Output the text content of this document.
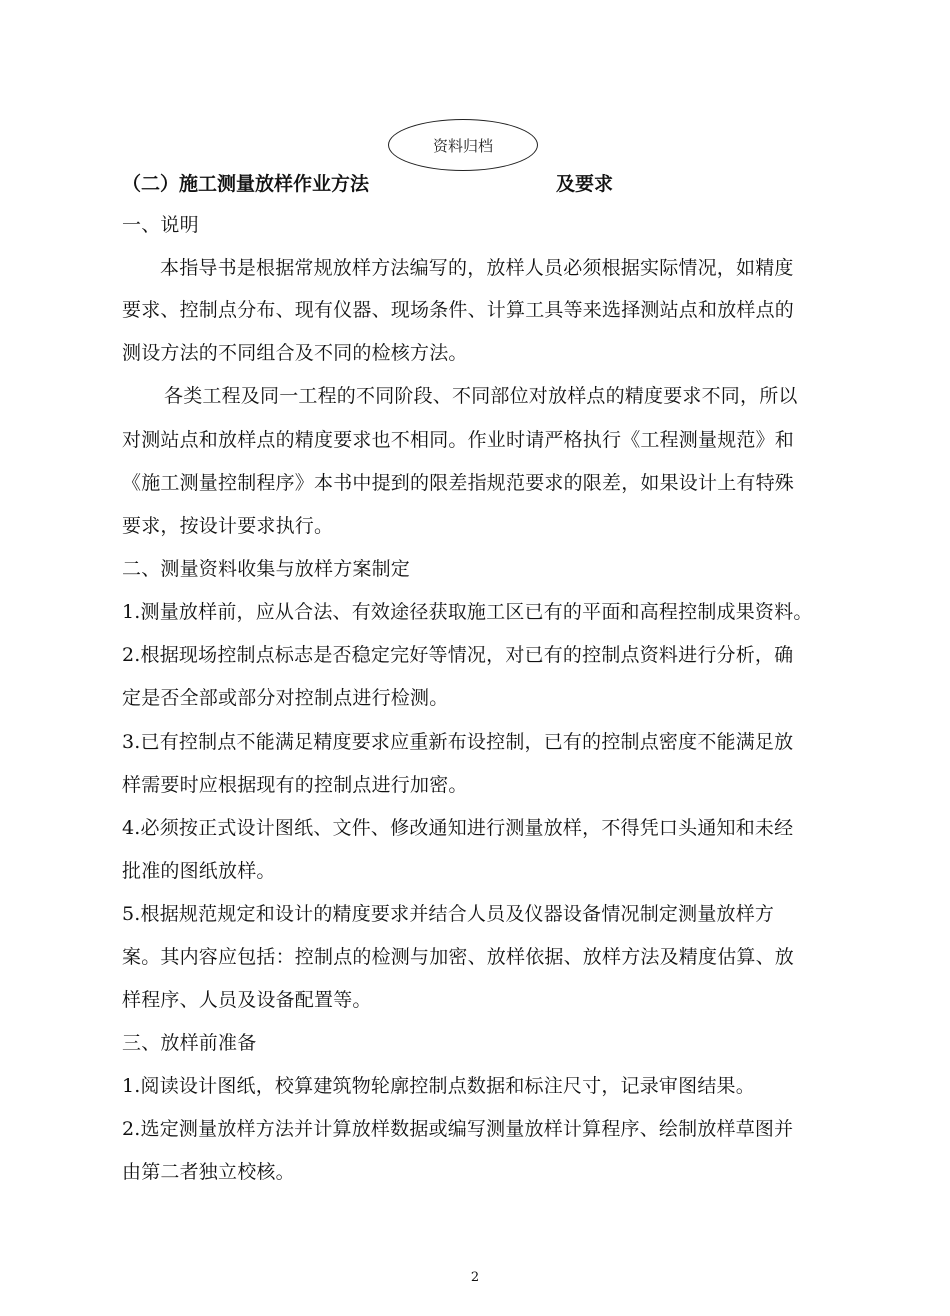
资料归档
（二）施工测量放样作业方法	及要求
一、说明
本指导书是根据常规放样方法编写的，放样人员必须根据实际情况，如精度
要求、控制点分布、现有仪器、现场条件、计算工具等来选择测站点和放样点的
测设方法的不同组合及不同的检核方法。
各类工程及同一工程的不同阶段、不同部位对放样点的精度要求不同，所以
对测站点和放样点的精度要求也不相同。作业时请严格执行《工程测量规范》和
《施工测量控制程序》本书中提到的限差指规范要求的限差，如果设计上有特殊
要求，按设计要求执行。
二、测量资料收集与放样方案制定
1.测量放样前，应从合法、有效途径获取施工区已有的平面和高程控制成果资料。
2.根据现场控制点标志是否稳定完好等情况，对已有的控制点资料进行分析，确
定是否全部或部分对控制点进行检测。
3.已有控制点不能满足精度要求应重新布设控制，已有的控制点密度不能满足放
样需要时应根据现有的控制点进行加密。
4.必须按正式设计图纸、文件、修改通知进行测量放样，不得凭口头通知和未经
批准的图纸放样。
5.根据规范规定和设计的精度要求并结合人员及仪器设备情况制定测量放样方
案。其内容应包括：控制点的检测与加密、放样依据、放样方法及精度估算、放
样程序、人员及设备配置等。
三、放样前准备
1.阅读设计图纸，校算建筑物轮廓控制点数据和标注尺寸，记录审图结果。
2.选定测量放样方法并计算放样数据或编写测量放样计算程序、绘制放样草图并
由第二者独立校核。
2
